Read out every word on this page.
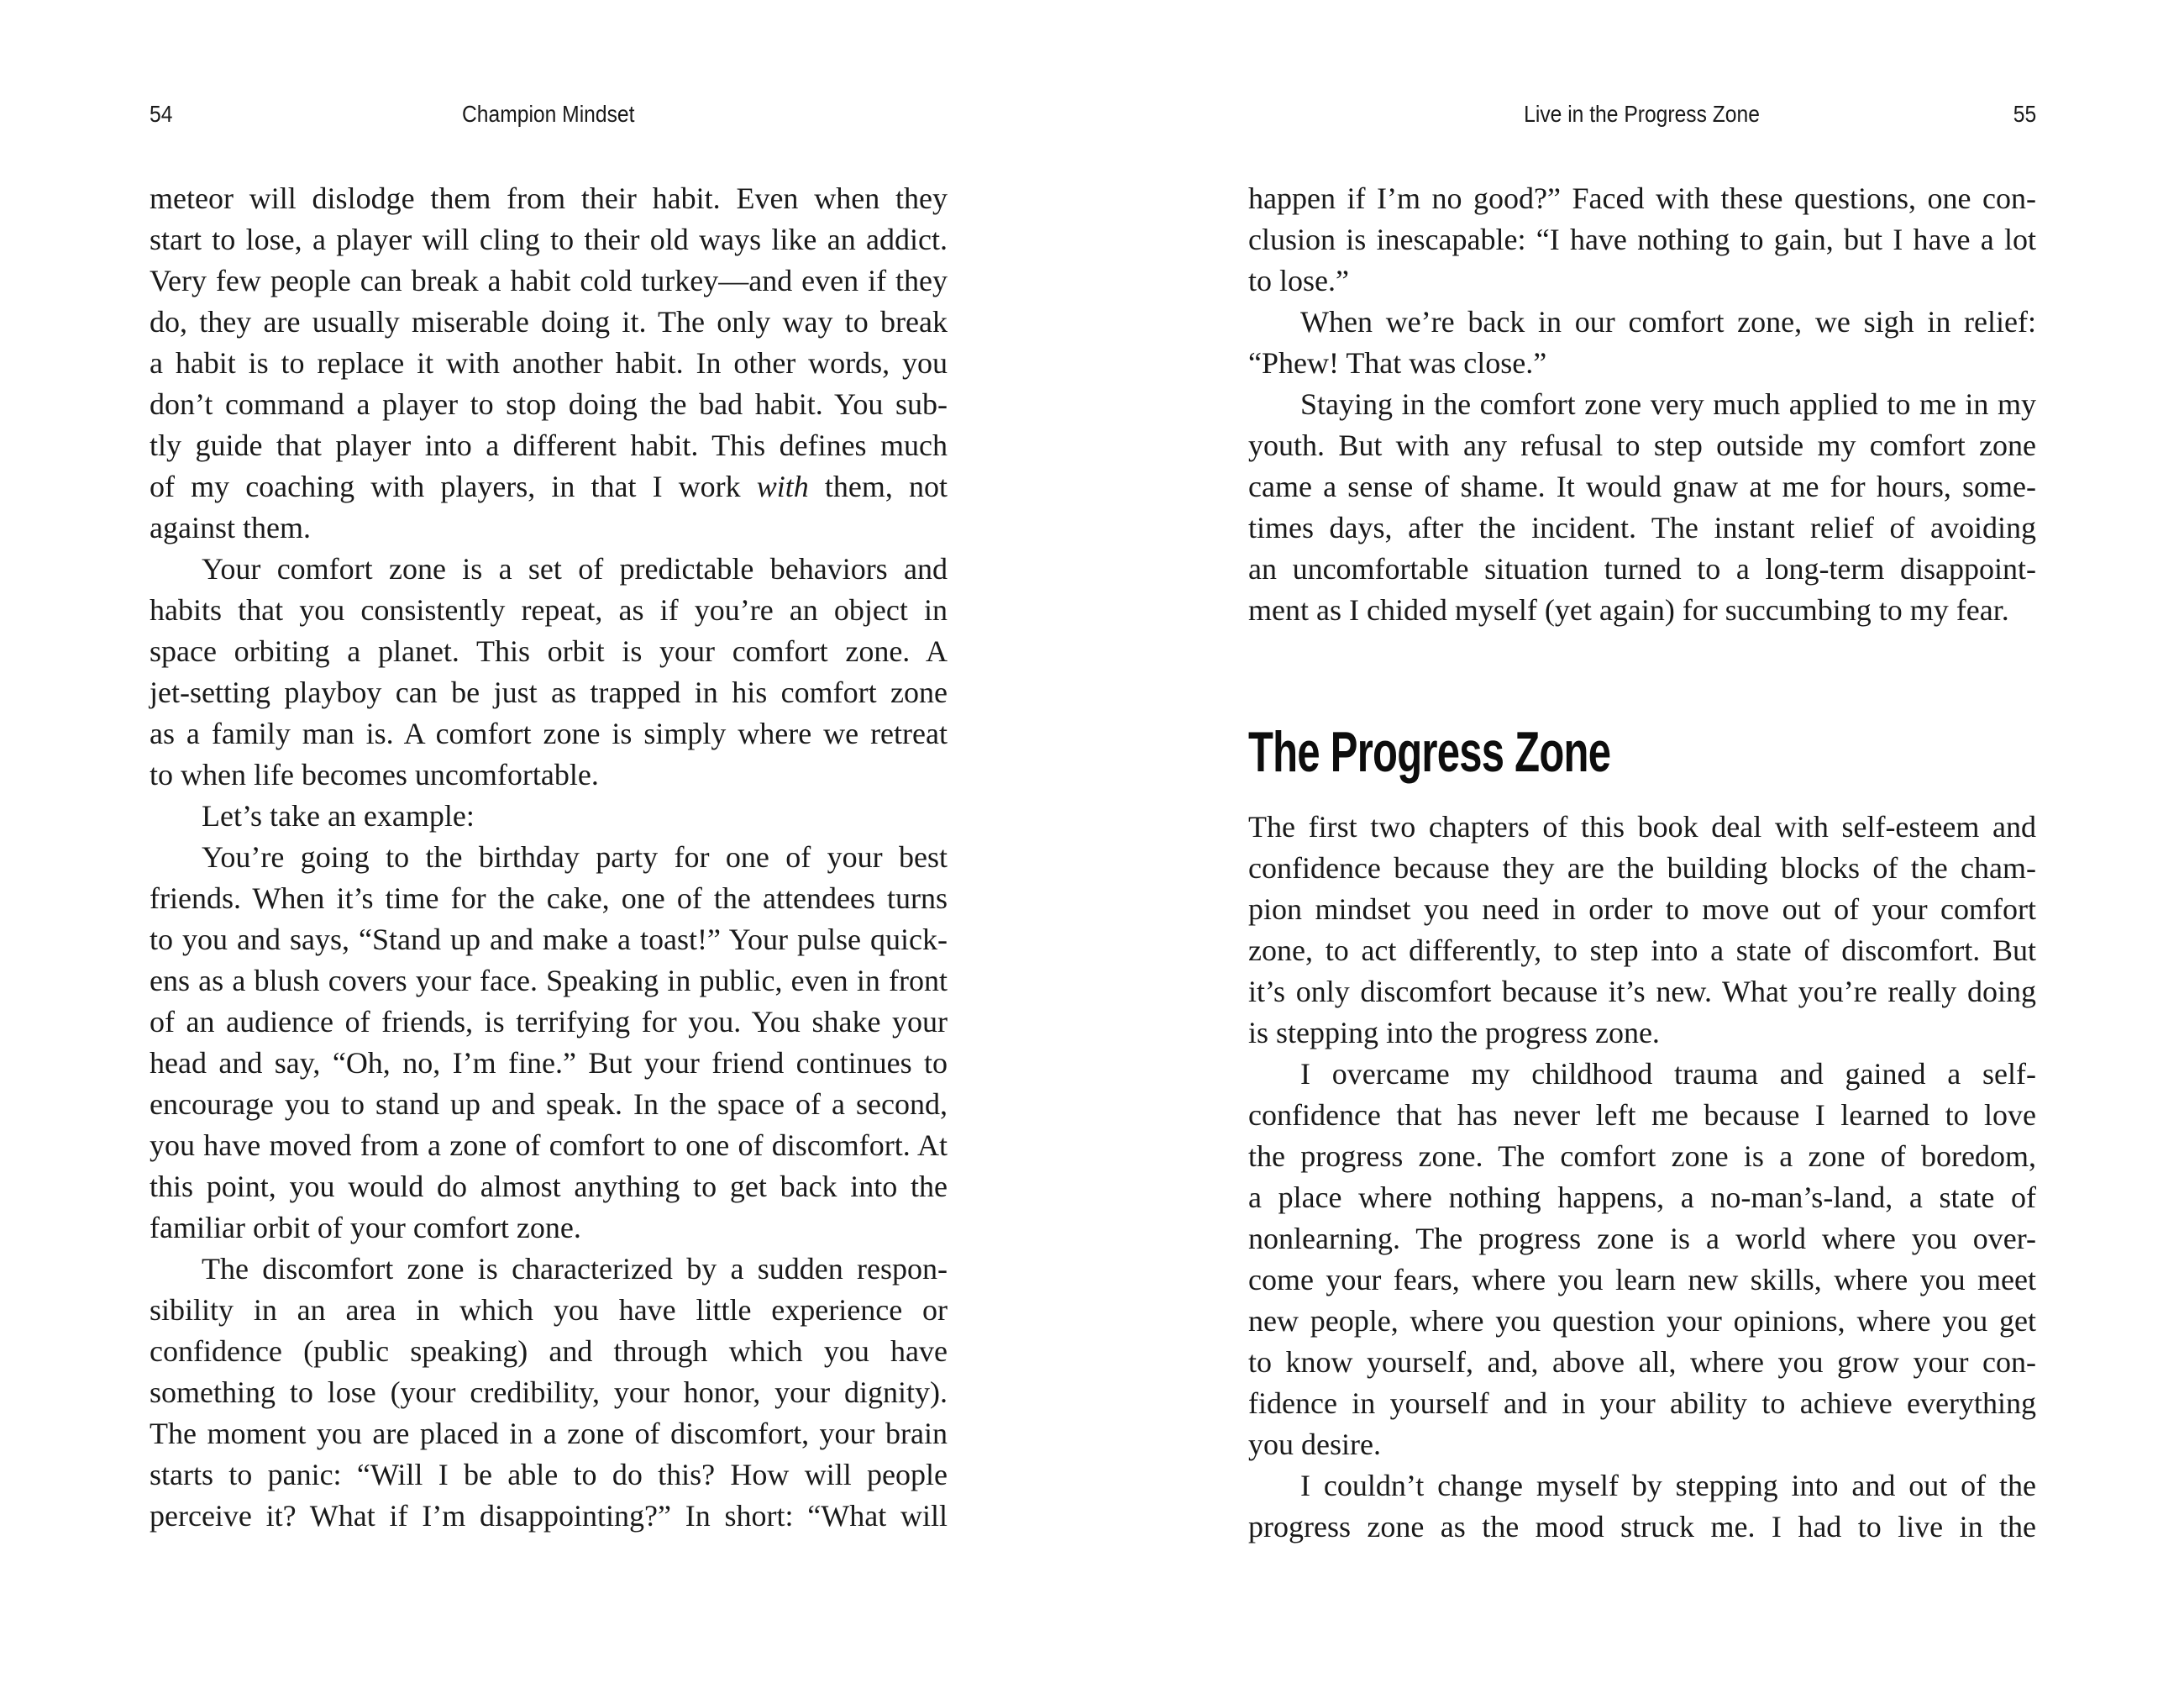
54	Champion Mindset	Live in the Progress Zone	55
meteor will dislodge them from their habit. Even when they
start to lose, a player will cling to their old ways like an addict.
Very few people can break a habit cold turkey—and even if they
do, they are usually miserable doing it. The only way to break
a habit is to replace it with another habit. In other words, you
don’t command a player to stop doing the bad habit. You sub-
tly guide that player into a different habit. This defines much
of my coaching with players, in that I work with them, not
against them.
Your comfort zone is a set of predictable behaviors and
habits that you consistently repeat, as if you’re an object in
space orbiting a planet. This orbit is your comfort zone. A
jet-setting playboy can be just as trapped in his comfort zone
as a family man is. A comfort zone is simply where we retreat
to when life becomes uncomfortable.
Let’s take an example:
You’re going to the birthday party for one of your best
friends. When it’s time for the cake, one of the attendees turns
to you and says, “Stand up and make a toast!” Your pulse quick-
ens as a blush covers your face. Speaking in public, even in front
of an audience of friends, is terrifying for you. You shake your
head and say, “Oh, no, I’m fine.” But your friend continues to
encourage you to stand up and speak. In the space of a second,
you have moved from a zone of comfort to one of discomfort. At
this point, you would do almost anything to get back into the
familiar orbit of your comfort zone.
The discomfort zone is characterized by a sudden respon-
sibility in an area in which you have little experience or
confidence (public speaking) and through which you have
something to lose (your credibility, your honor, your dignity).
The moment you are placed in a zone of discomfort, your brain
starts to panic: “Will I be able to do this? How will people
perceive it? What if I’m disappointing?” In short: “What will
happen if I’m no good?” Faced with these questions, one con-
clusion is inescapable: “I have nothing to gain, but I have a lot
to lose.”
When we’re back in our comfort zone, we sigh in relief:
“Phew! That was close.”
Staying in the comfort zone very much applied to me in my
youth. But with any refusal to step outside my comfort zone
came a sense of shame. It would gnaw at me for hours, some-
times days, after the incident. The instant relief of avoiding
an uncomfortable situation turned to a long-term disappoint-
ment as I chided myself (yet again) for succumbing to my fear.
The Progress Zone
The first two chapters of this book deal with self-esteem and
confidence because they are the building blocks of the cham-
pion mindset you need in order to move out of your comfort
zone, to act differently, to step into a state of discomfort. But
it’s only discomfort because it’s new. What you’re really doing
is stepping into the progress zone.
I overcame my childhood trauma and gained a self-
confidence that has never left me because I learned to love
the progress zone. The comfort zone is a zone of boredom,
a place where nothing happens, a no-man’s-land, a state of
nonlearning. The progress zone is a world where you over-
come your fears, where you learn new skills, where you meet
new people, where you question your opinions, where you get
to know yourself, and, above all, where you grow your con-
fidence in yourself and in your ability to achieve everything
you desire.
I couldn’t change myself by stepping into and out of the
progress zone as the mood struck me. I had to live in the
